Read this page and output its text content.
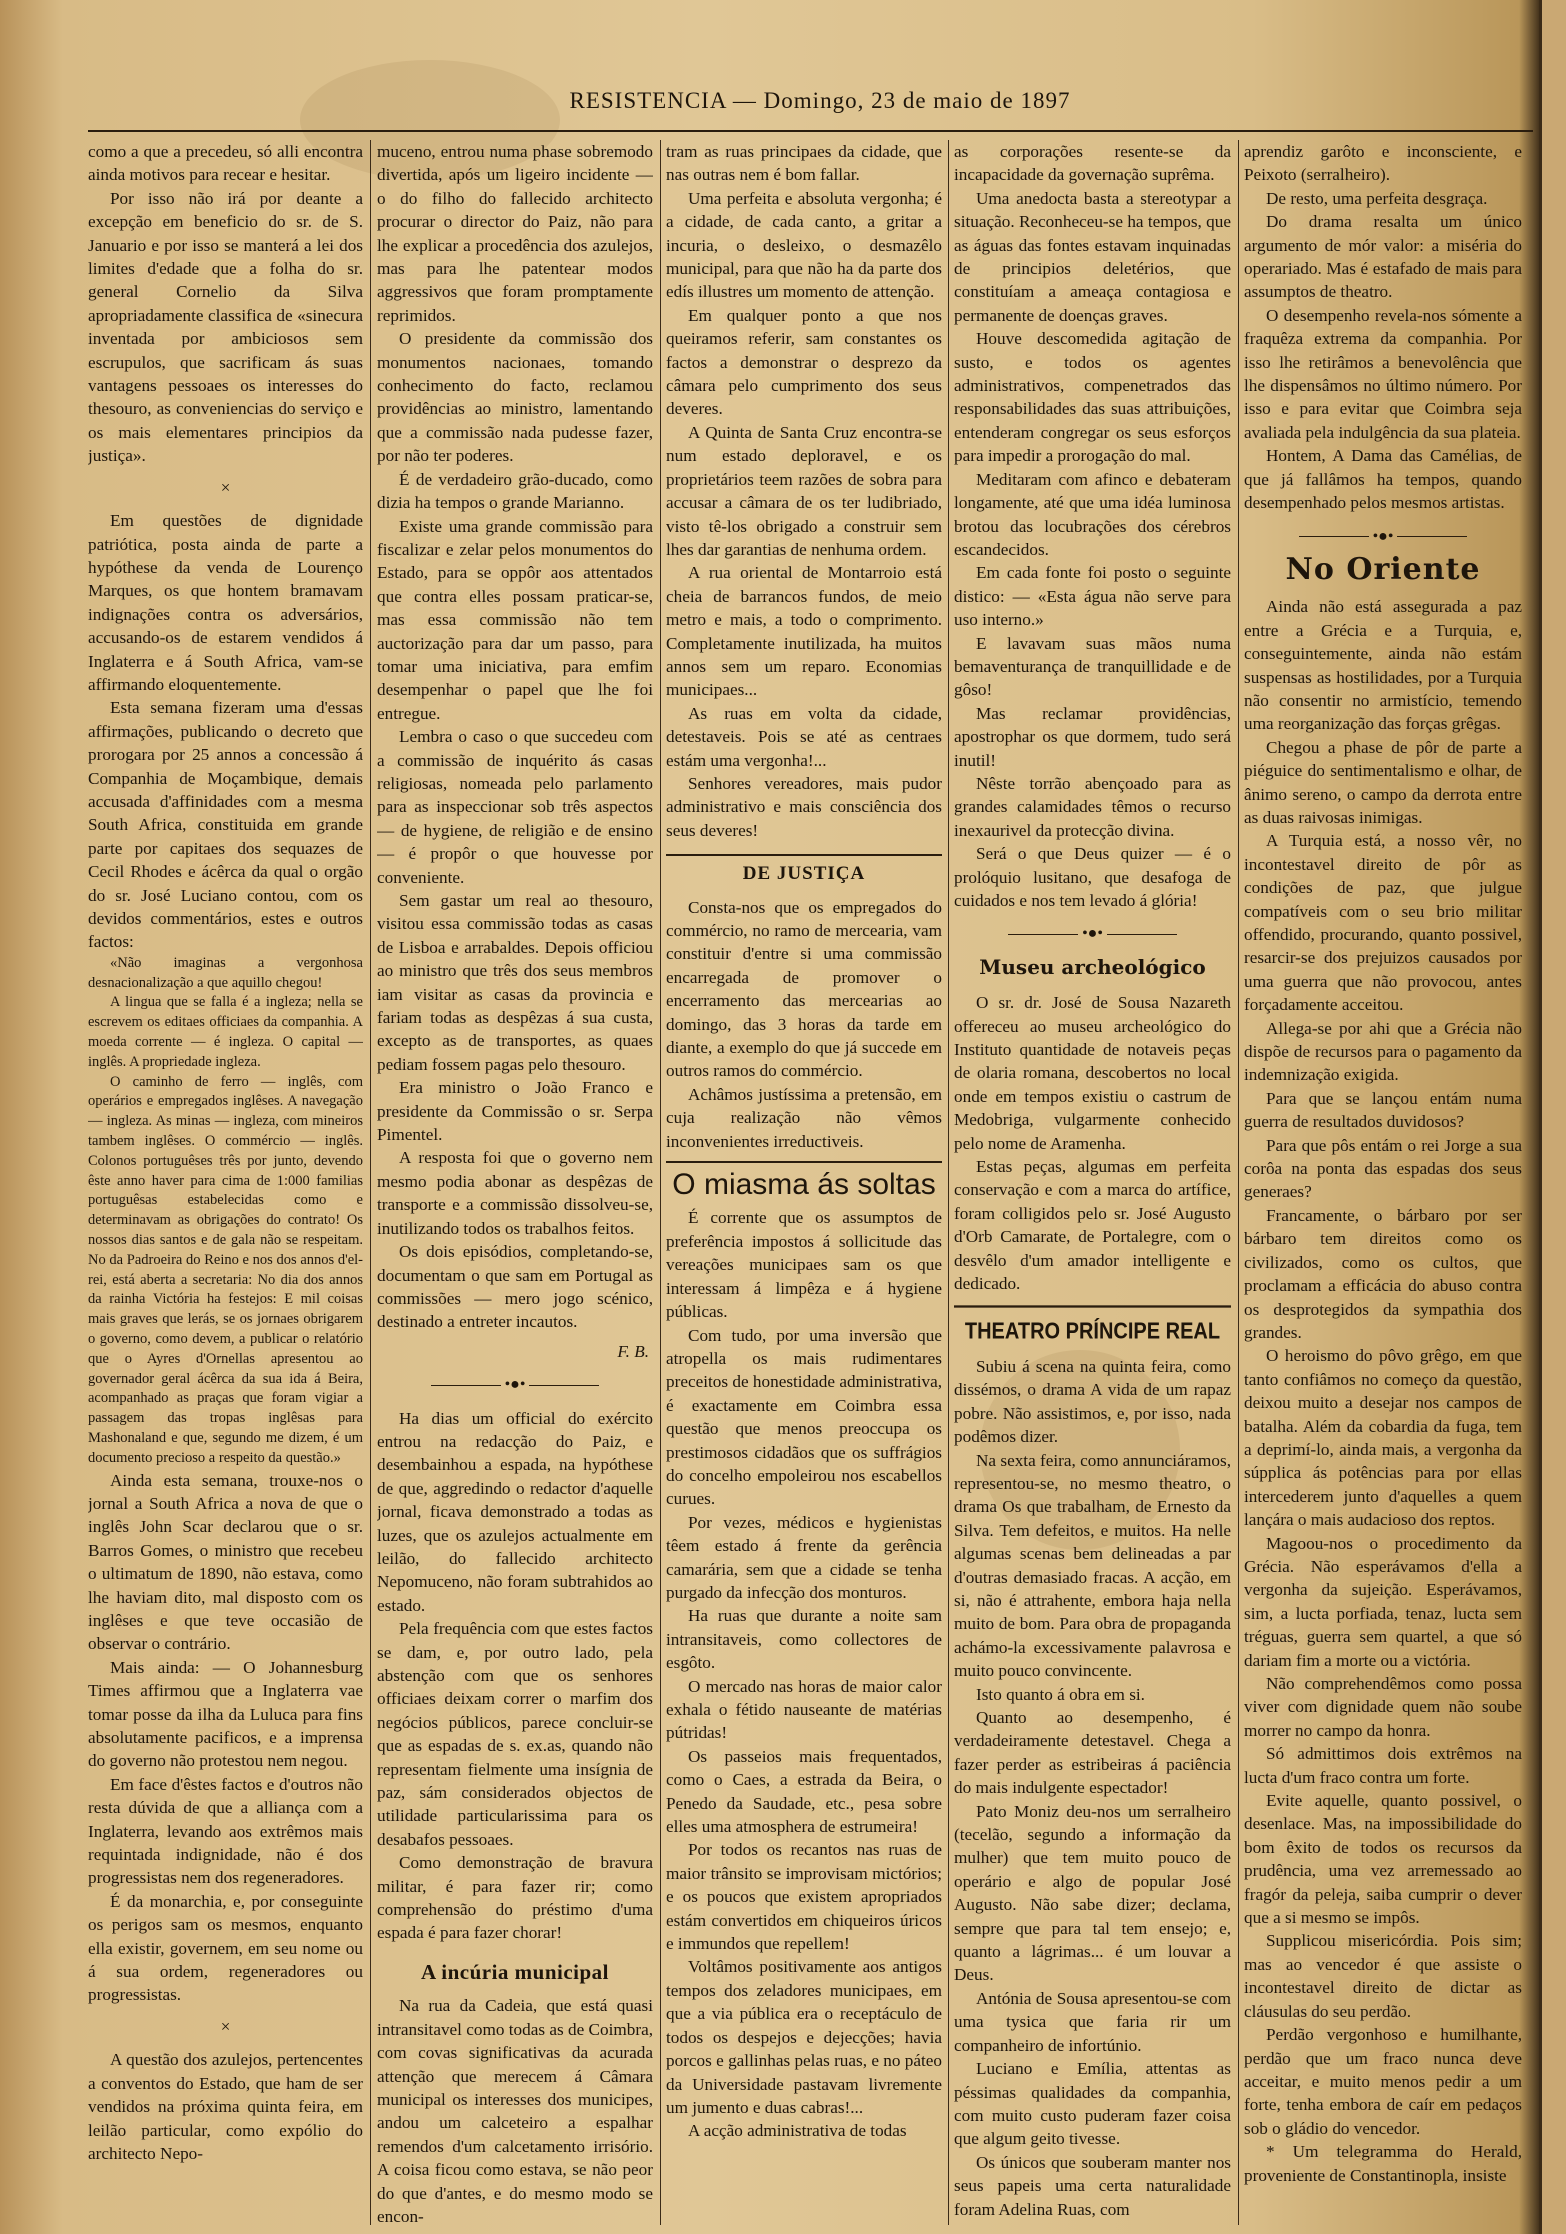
RESISTENCIA — Domingo, 23 de maio de 1897

como a que a precedeu, só alli encontra ainda motivos para recear e hesitar.

Por isso não irá por deante a excepção em beneficio do sr. de S. Januario e por isso se manterá a lei dos limites d'edade que a folha do sr. general Cornelio da Silva apropriadamente classifica de «sinecura inventada por ambiciosos sem escrupulos, que sacrificam ás suas vantagens pessoaes os interesses do thesouro, as conveniencias do serviço e os mais elementares principios da justiça».

×

Em questões de dignidade patriótica, posta ainda de parte a hypóthese da venda de Lourenço Marques, os que hontem bramavam indignações contra os adversários, accusando-os de estarem vendidos á Inglaterra e á South Africa, vam-se affirmando eloquentemente.

Esta semana fizeram uma d'essas affirmações, publicando o decreto que prorogara por 25 annos a concessão á Companhia de Moçambique, demais accusada d'affinidades com a mesma South Africa, constituida em grande parte por capitaes dos sequazes de Cecil Rhodes e ácêrca da qual o orgão do sr. José Luciano contou, com os devidos commentários, estes e outros factos:

«Não imaginas a vergonhosa desnacionalização a que aquillo chegou!

A lingua que se falla é a ingleza; nella se escrevem os editaes officiaes da companhia. A moeda corrente — é ingleza. O capital — inglês. A propriedade ingleza.

O caminho de ferro — inglês, com operários e empregados inglêses. A navegação — ingleza. As minas — ingleza, com mineiros tambem inglêses. O commércio — inglês. Colonos portuguêses três por junto, devendo êste anno haver para cima de 1:000 familias portuguêsas estabelecidas como e determinavam as obrigações do contrato! Os nossos dias santos e de gala não se respeitam. No da Padroeira do Reino e nos dos annos d'el-rei, está aberta a secretaria: No dia dos annos da rainha Victória ha festejos: E mil coisas mais graves que lerás, se os jornaes obrigarem o governo, como devem, a publicar o relatório que o Ayres d'Ornellas apresentou ao governador geral ácêrca da sua ida á Beira, acompanhado as praças que foram vigiar a passagem das tropas inglêsas para Mashonaland e que, segundo me dizem, é um documento precioso a respeito da questão.»

Ainda esta semana, trouxe-nos o jornal a South Africa a nova de que o inglês John Scar declarou que o sr. Barros Gomes, o ministro que recebeu o ultimatum de 1890, não estava, como lhe haviam dito, mal disposto com os inglêses e que teve occasião de observar o contrário.

Mais ainda: — O Johannesburg Times affirmou que a Inglaterra vae tomar posse da ilha da Luluca para fins absolutamente pacificos, e a imprensa do governo não protestou nem negou.

Em face d'êstes factos e d'outros não resta dúvida de que a alliança com a Inglaterra, levando aos extrêmos mais requintada indignidade, não é dos progressistas nem dos regeneradores.

É da monarchia, e, por conseguinte os perigos sam os mesmos, enquanto ella existir, governem, em seu nome ou á sua ordem, regeneradores ou progressistas.

×

A questão dos azulejos, pertencentes a conventos do Estado, que ham de ser vendidos na próxima quinta feira, em leilão particular, como expólio do architecto Nepo-

muceno, entrou numa phase sobremodo divertida, após um ligeiro incidente — o do filho do fallecido architecto procurar o director do Paiz, não para lhe explicar a procedência dos azulejos, mas para lhe patentear modos aggressivos que foram promptamente reprimidos.

O presidente da commissão dos monumentos nacionaes, tomando conhecimento do facto, reclamou providências ao ministro, lamentando que a commissão nada pudesse fazer, por não ter poderes.

É de verdadeiro grão-ducado, como dizia ha tempos o grande Marianno.

Existe uma grande commissão para fiscalizar e zelar pelos monumentos do Estado, para se oppôr aos attentados que contra elles possam praticar-se, mas essa commissão não tem auctorização para dar um passo, para tomar uma iniciativa, para emfim desempenhar o papel que lhe foi entregue.

Lembra o caso o que succedeu com a commissão de inquérito ás casas religiosas, nomeada pelo parlamento para as inspeccionar sob três aspectos — de hygiene, de religião e de ensino — é propôr o que houvesse por conveniente.

Sem gastar um real ao thesouro, visitou essa commissão todas as casas de Lisboa e arrabaldes. Depois officiou ao ministro que três dos seus membros iam visitar as casas da provincia e fariam todas as despêzas á sua custa, excepto as de transportes, as quaes pediam fossem pagas pelo thesouro.

Era ministro o João Franco e presidente da Commissão o sr. Serpa Pimentel.

A resposta foi que o governo nem mesmo podia abonar as despêzas de transporte e a commissão dissolveu-se, inutilizando todos os trabalhos feitos.

Os dois episódios, completando-se, documentam o que sam em Portugal as commissões — mero jogo scénico, destinado a entreter incautos.

F. B.
•●•

Ha dias um official do exército entrou na redacção do Paiz, e desembainhou a espada, na hypóthese de que, aggredindo o redactor d'aquelle jornal, ficava demonstrado a todas as luzes, que os azulejos actualmente em leilão, do fallecido architecto Nepomuceno, não foram subtrahidos ao estado.

Pela frequência com que estes factos se dam, e, por outro lado, pela abstenção com que os senhores officiaes deixam correr o marfim dos negócios públicos, parece concluir-se que as espadas de s. ex.as, quando não representam fielmente uma insígnia de paz, sám considerados objectos de utilidade particularissima para os desabafos pessoaes.

Como demonstração de bravura militar, é para fazer rir; como comprehensão do préstimo d'uma espada é para fazer chorar!

A incúria municipal

Na rua da Cadeia, que está quasi intransitavel como todas as de Coimbra, com covas significativas da acurada attenção que merecem á Câmara municipal os interesses dos municipes, andou um calceteiro a espalhar remendos d'um calcetamento irrisório. A coisa ficou como estava, se não peor do que d'antes, e do mesmo modo se encon-

tram as ruas principaes da cidade, que nas outras nem é bom fallar.

Uma perfeita e absoluta vergonha; é a cidade, de cada canto, a gritar a incuria, o desleixo, o desmazêlo municipal, para que não ha da parte dos edís illustres um momento de attenção.

Em qualquer ponto a que nos queiramos referir, sam constantes os factos a demonstrar o desprezo da câmara pelo cumprimento dos seus deveres.

A Quinta de Santa Cruz encontra-se num estado deploravel, e os proprietários teem razões de sobra para accusar a câmara de os ter ludibriado, visto tê-los obrigado a construir sem lhes dar garantias de nenhuma ordem.

A rua oriental de Montarroio está cheia de barrancos fundos, de meio metro e mais, a todo o comprimento. Completamente inutilizada, ha muitos annos sem um reparo. Economias municipaes...

As ruas em volta da cidade, detestaveis. Pois se até as centraes estám uma vergonha!...

Senhores vereadores, mais pudor administrativo e mais consciência dos seus deveres!

DE JUSTIÇA

Consta-nos que os empregados do commércio, no ramo de mercearia, vam constituir d'entre si uma commissão encarregada de promover o encerramento das mercearias ao domingo, das 3 horas da tarde em diante, a exemplo do que já succede em outros ramos do commércio.

Achâmos justíssima a pretensão, em cuja realização não vêmos inconvenientes irreductiveis.

O miasma ás soltas

É corrente que os assumptos de preferência impostos á sollicitude das vereações municipaes sam os que interessam á limpêza e á hygiene públicas.

Com tudo, por uma inversão que atropella os mais rudimentares preceitos de honestidade administrativa, é exactamente em Coimbra essa questão que menos preoccupa os prestimosos cidadãos que os suffrágios do concelho empoleirou nos escabellos curues.

Por vezes, médicos e hygienistas têem estado á frente da gerência camarária, sem que a cidade se tenha purgado da infecção dos monturos.

Ha ruas que durante a noite sam intransitaveis, como collectores de esgôto.

O mercado nas horas de maior calor exhala o fétido nauseante de matérias pútridas!

Os passeios mais frequentados, como o Caes, a estrada da Beira, o Penedo da Saudade, etc., pesa sobre elles uma atmosphera de estrumeira!

Por todos os recantos nas ruas de maior trânsito se improvisam mictórios; e os poucos que existem apropriados estám convertidos em chiqueiros úricos e immundos que repellem!

Voltâmos positivamente aos antigos tempos dos zeladores municipaes, em que a via pública era o receptáculo de todos os despejos e dejecções; havia porcos e gallinhas pelas ruas, e no páteo da Universidade pastavam livremente um jumento e duas cabras!...

A acção administrativa de todas

as corporações resente-se da incapacidade da governação suprêma.

Uma anedocta basta a stereotypar a situação. Reconheceu-se ha tempos, que as águas das fontes estavam inquinadas de principios deletérios, que constituíam a ameaça contagiosa e permanente de doenças graves.

Houve descomedida agitação de susto, e todos os agentes administrativos, compenetrados das responsabilidades das suas attribuições, entenderam congregar os seus esforços para impedir a prorogação do mal.

Meditaram com afinco e debateram longamente, até que uma idéa luminosa brotou das locubrações dos cérebros escandecidos.

Em cada fonte foi posto o seguinte distico: — «Esta água não serve para uso interno.»

E lavavam suas mãos numa bemaventurança de tranquillidade e de gôso!

Mas reclamar providências, apostrophar os que dormem, tudo será inutil!

Nêste torrão abençoado para as grandes calamidades têmos o recurso inexaurivel da protecção divina.

Será o que Deus quizer — é o prolóquio lusitano, que desafoga de cuidados e nos tem levado á glória!

•●•
Museu archeológico

O sr. dr. José de Sousa Nazareth offereceu ao museu archeológico do Instituto quantidade de notaveis peças de olaria romana, descobertos no local onde em tempos existiu o castrum de Medobriga, vulgarmente conhecido pelo nome de Aramenha.

Estas peças, algumas em perfeita conservação e com a marca do artífice, foram colligidos pelo sr. José Augusto d'Orb Camarate, de Portalegre, com o desvêlo d'um amador intelligente e dedicado.

THEATRO PRÍNCIPE REAL

Subiu á scena na quinta feira, como dissémos, o drama A vida de um rapaz pobre. Não assistimos, e, por isso, nada podêmos dizer.

Na sexta feira, como annunciáramos, representou-se, no mesmo theatro, o drama Os que trabalham, de Ernesto da Silva. Tem defeitos, e muitos. Ha nelle algumas scenas bem delineadas a par d'outras demasiado fracas. A acção, em si, não é attrahente, embora haja nella muito de bom. Para obra de propaganda achámo-la excessivamente palavrosa e muito pouco convincente.

Isto quanto á obra em si.

Quanto ao desempenho, é verdadeiramente detestavel. Chega a fazer perder as estribeiras á paciência do mais indulgente espectador!

Pato Moniz deu-nos um serralheiro (tecelão, segundo a informação da mulher) que tem muito pouco de operário e algo de popular José Augusto. Não sabe dizer; declama, sempre que para tal tem ensejo; e, quanto a lágrimas... é um louvar a Deus.

Antónia de Sousa apresentou-se com uma tysica que faria rir um companheiro de infortúnio.

Luciano e Emília, attentas as péssimas qualidades da companhia, com muito custo puderam fazer coisa que algum geito tivesse.

Os únicos que souberam manter nos seus papeis uma certa naturalidade foram Adelina Ruas, com

aprendiz garôto e inconsciente, e Peixoto (serralheiro).

De resto, uma perfeita desgraça.

Do drama resalta um único argumento de mór valor: a miséria do operariado. Mas é estafado de mais para assumptos de theatro.

O desempenho revela-nos sómente a fraquêza extrema da companhia. Por isso lhe retirâmos a benevolência que lhe dispensâmos no último número. Por isso e para evitar que Coimbra seja avaliada pela indulgência da sua plateia.

Hontem, A Dama das Camélias, de que já fallâmos ha tempos, quando desempenhado pelos mesmos artistas.

•●•
No Oriente

Ainda não está assegurada a paz entre a Grécia e a Turquia, e, conseguintemente, ainda não estám suspensas as hostilidades, por a Turquia não consentir no armistício, temendo uma reorganização das forças grêgas.

Chegou a phase de pôr de parte a piéguice do sentimentalismo e olhar, de ânimo sereno, o campo da derrota entre as duas raivosas inimigas.

A Turquia está, a nosso vêr, no incontestavel direito de pôr as condições de paz, que julgue compatíveis com o seu brio militar offendido, procurando, quanto possivel, resarcir-se dos prejuizos causados por uma guerra que não provocou, antes forçadamente acceitou.

Allega-se por ahi que a Grécia não dispõe de recursos para o pagamento da indemnização exigida.

Para que se lançou entám numa guerra de resultados duvidosos?

Para que pôs entám o rei Jorge a sua corôa na ponta das espadas dos seus generaes?

Francamente, o bárbaro por ser bárbaro tem direitos como os civilizados, como os cultos, que proclamam a efficácia do abuso contra os desprotegidos da sympathia dos grandes.

O heroismo do pôvo grêgo, em que tanto confiâmos no começo da questão, deixou muito a desejar nos campos de batalha. Além da cobardia da fuga, tem a deprimí-lo, ainda mais, a vergonha da súpplica ás potências para por ellas intercederem junto d'aquelles a quem lançára o mais audacioso dos reptos.

Magoou-nos o procedimento da Grécia. Não esperávamos d'ella a vergonha da sujeição. Esperávamos, sim, a lucta porfiada, tenaz, lucta sem tréguas, guerra sem quartel, a que só dariam fim a morte ou a victória.

Não comprehendêmos como possa viver com dignidade quem não soube morrer no campo da honra.

Só admittimos dois extrêmos na lucta d'um fraco contra um forte.

Evite aquelle, quanto possivel, o desenlace. Mas, na impossibilidade do bom êxito de todos os recursos da prudência, uma vez arremessado ao fragór da peleja, saiba cumprir o dever que a si mesmo se impôs.

Supplicou misericórdia. Pois sim; mas ao vencedor é que assiste o incontestavel direito de dictar as cláusulas do seu perdão.

Perdão vergonhoso e humilhante, perdão que um fraco nunca deve acceitar, e muito menos pedir a um forte, tenha embora de caír em pedaços sob o gládio do vencedor.

* Um telegramma do Herald, proveniente de Constantinopla, insiste
